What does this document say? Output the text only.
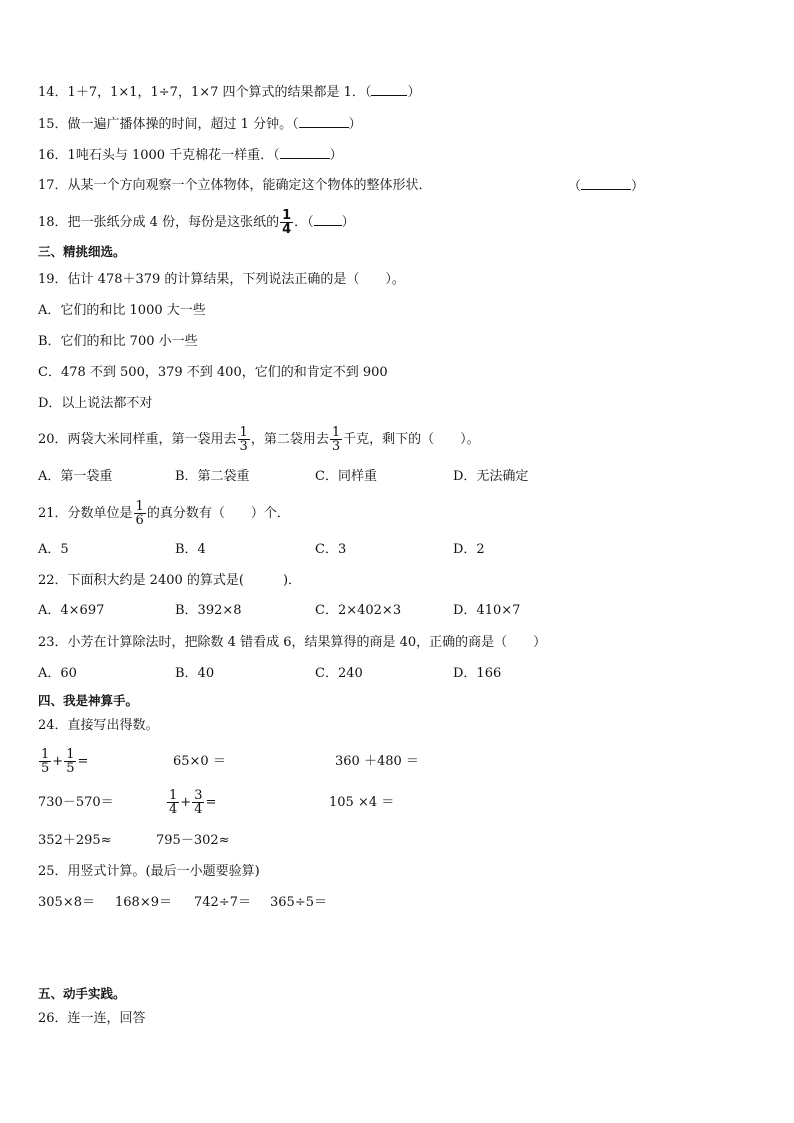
14．1＋7，1×1，1÷7，1×7 四个算式的结果都是 1．（	）
15．做一遍广播体操的时间，超过 1 分钟。（	）
16．1吨石头与 1000 千克棉花一样重．（	）
17．从某一个方向观察一个立体物体，能确定这个物体的整体形状．	（	）
18．把一张纸分成 4 份，每份是这张纸的 $\frac{1}{4}$ ．（ ）
三、精挑细选。
19．估计 478＋379 的计算结果，下列说法正确的是（　　）。
A．它们的和比 1000 大一些
B．它们的和比 700 小一些
C．478 不到 500，379 不到 400，它们的和肯定不到 900
D．以上说法都不对
20．两袋大米同样重，第一袋用去 $\frac{1}{3}$ ，第二袋用去 $\frac{1}{3}$ 千克，剩下的（　　）。
A．第一袋重	B．第二袋重	C．同样重	D．无法确定
21．分数单位是 $\frac{1}{6}$ 的真分数有（　　）个．
A．5	B．4	C．3	D．2
22．下面积大约是 2400 的算式是(　　　)．
A．4×697	B．392×8	C．2×402×3	D．410×7
23．小芳在计算除法时，把除数 4 错看成 6，结果算得的商是 40，正确的商是（　　）
A．60	B．40	C．240	D．166
四、我是神算手。
24．直接写出得数。
$\frac{1}{5} + \frac{1}{5}$ =	65×0 ＝	360 ＋480 ＝
730－570＝	$\frac{1}{4} + \frac{3}{4}$ =	105 ×4 ＝
352＋295≈	795－302≈
25．用竖式计算。(最后一小题要验算)
305×8＝ 168×9＝ 742÷7＝ 365÷5＝
五、动手实践。
26．连一连，回答
